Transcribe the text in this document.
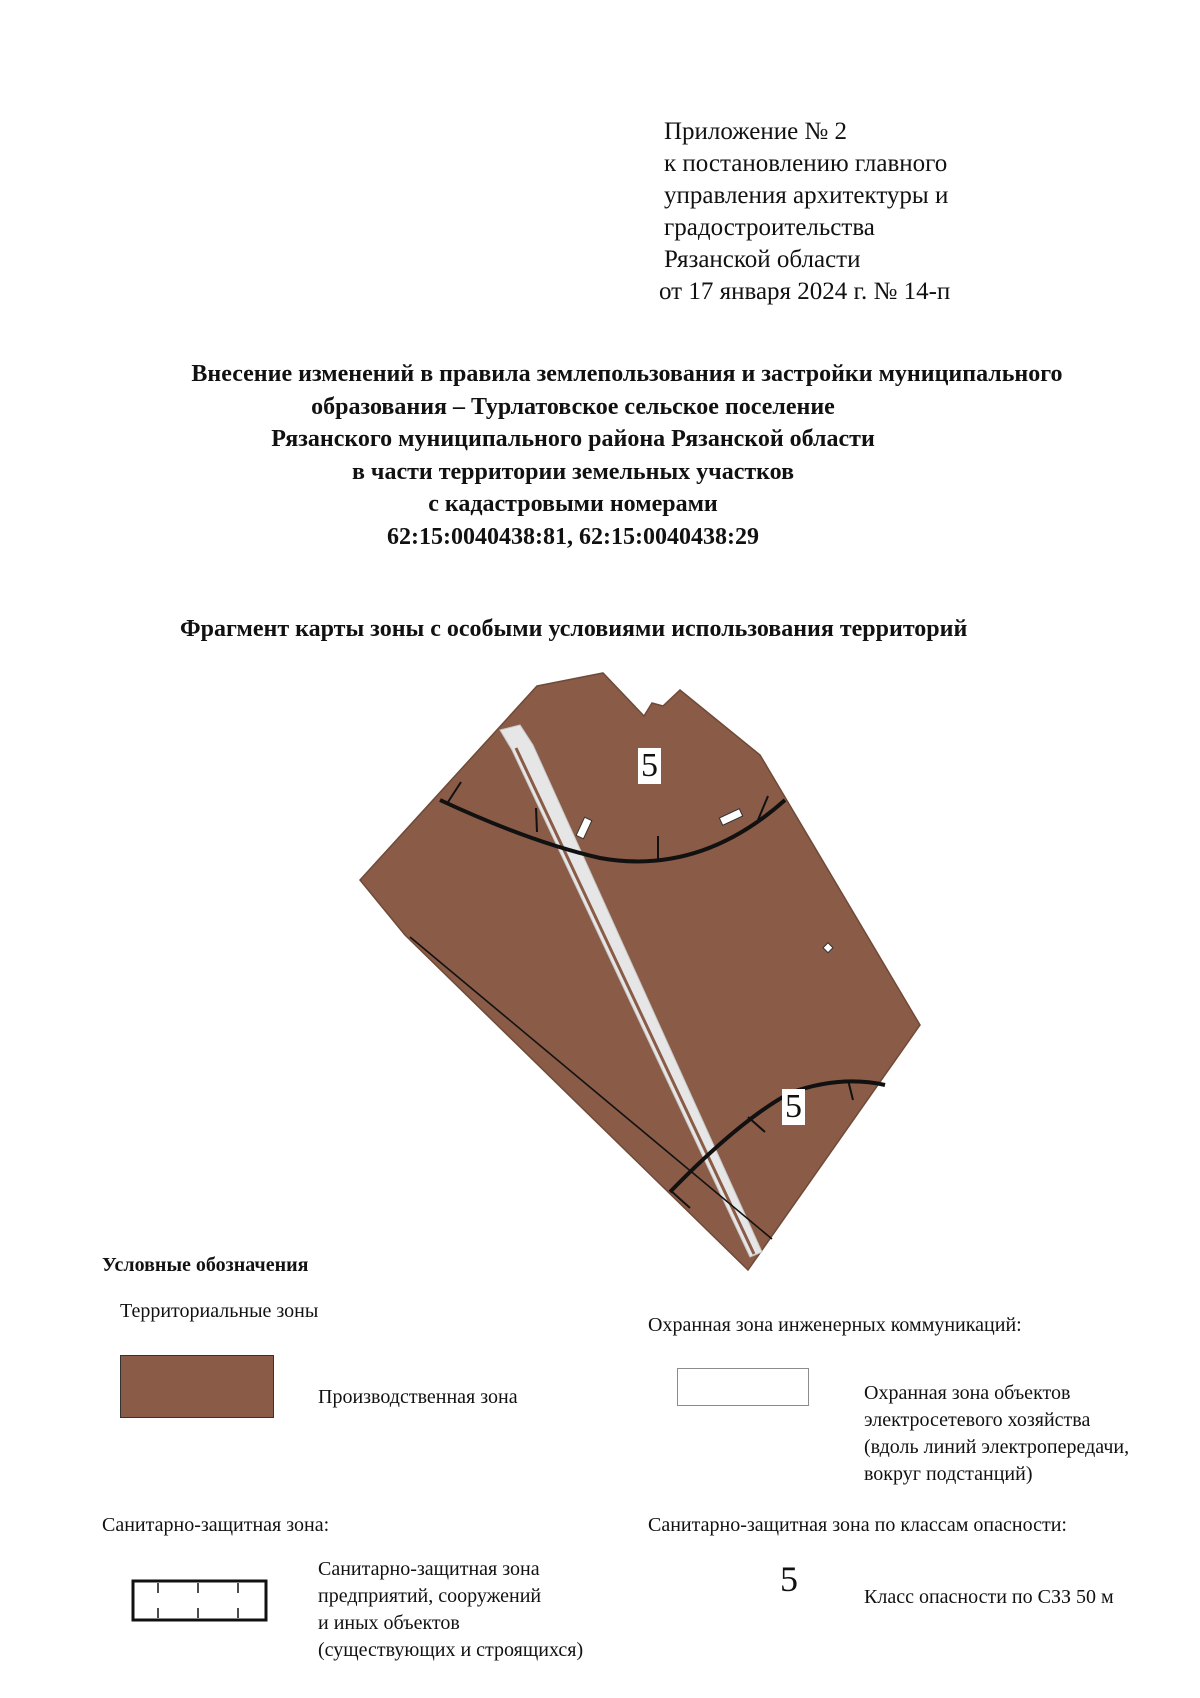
Приложение № 2
к постановлению главного
управления архитектуры и
градостроительства
Рязанской области
от 17 января 2024 г. № 14-п
Внесение изменений в правила землепользования и застройки муниципального
образования – Турлатовское сельское поселение
Рязанского муниципального района Рязанской области
в части территории земельных участков
с кадастровыми номерами
62:15:0040438:81, 62:15:0040438:29
Фрагмент карты зоны с особыми условиями использования территорий
5
5
Условные обозначения
Территориальные зоны
Производственная зона
Охранная зона инженерных коммуникаций:
Охранная зона объектов
электросетевого хозяйства
(вдоль линий электропередачи,
вокруг подстанций)
Санитарно-защитная зона:
Санитарно-защитная зона
предприятий, сооружений
и иных объектов
(существующих и строящихся)
Санитарно-защитная зона по классам опасности:
5	Класс опасности по СЗЗ 50 м
